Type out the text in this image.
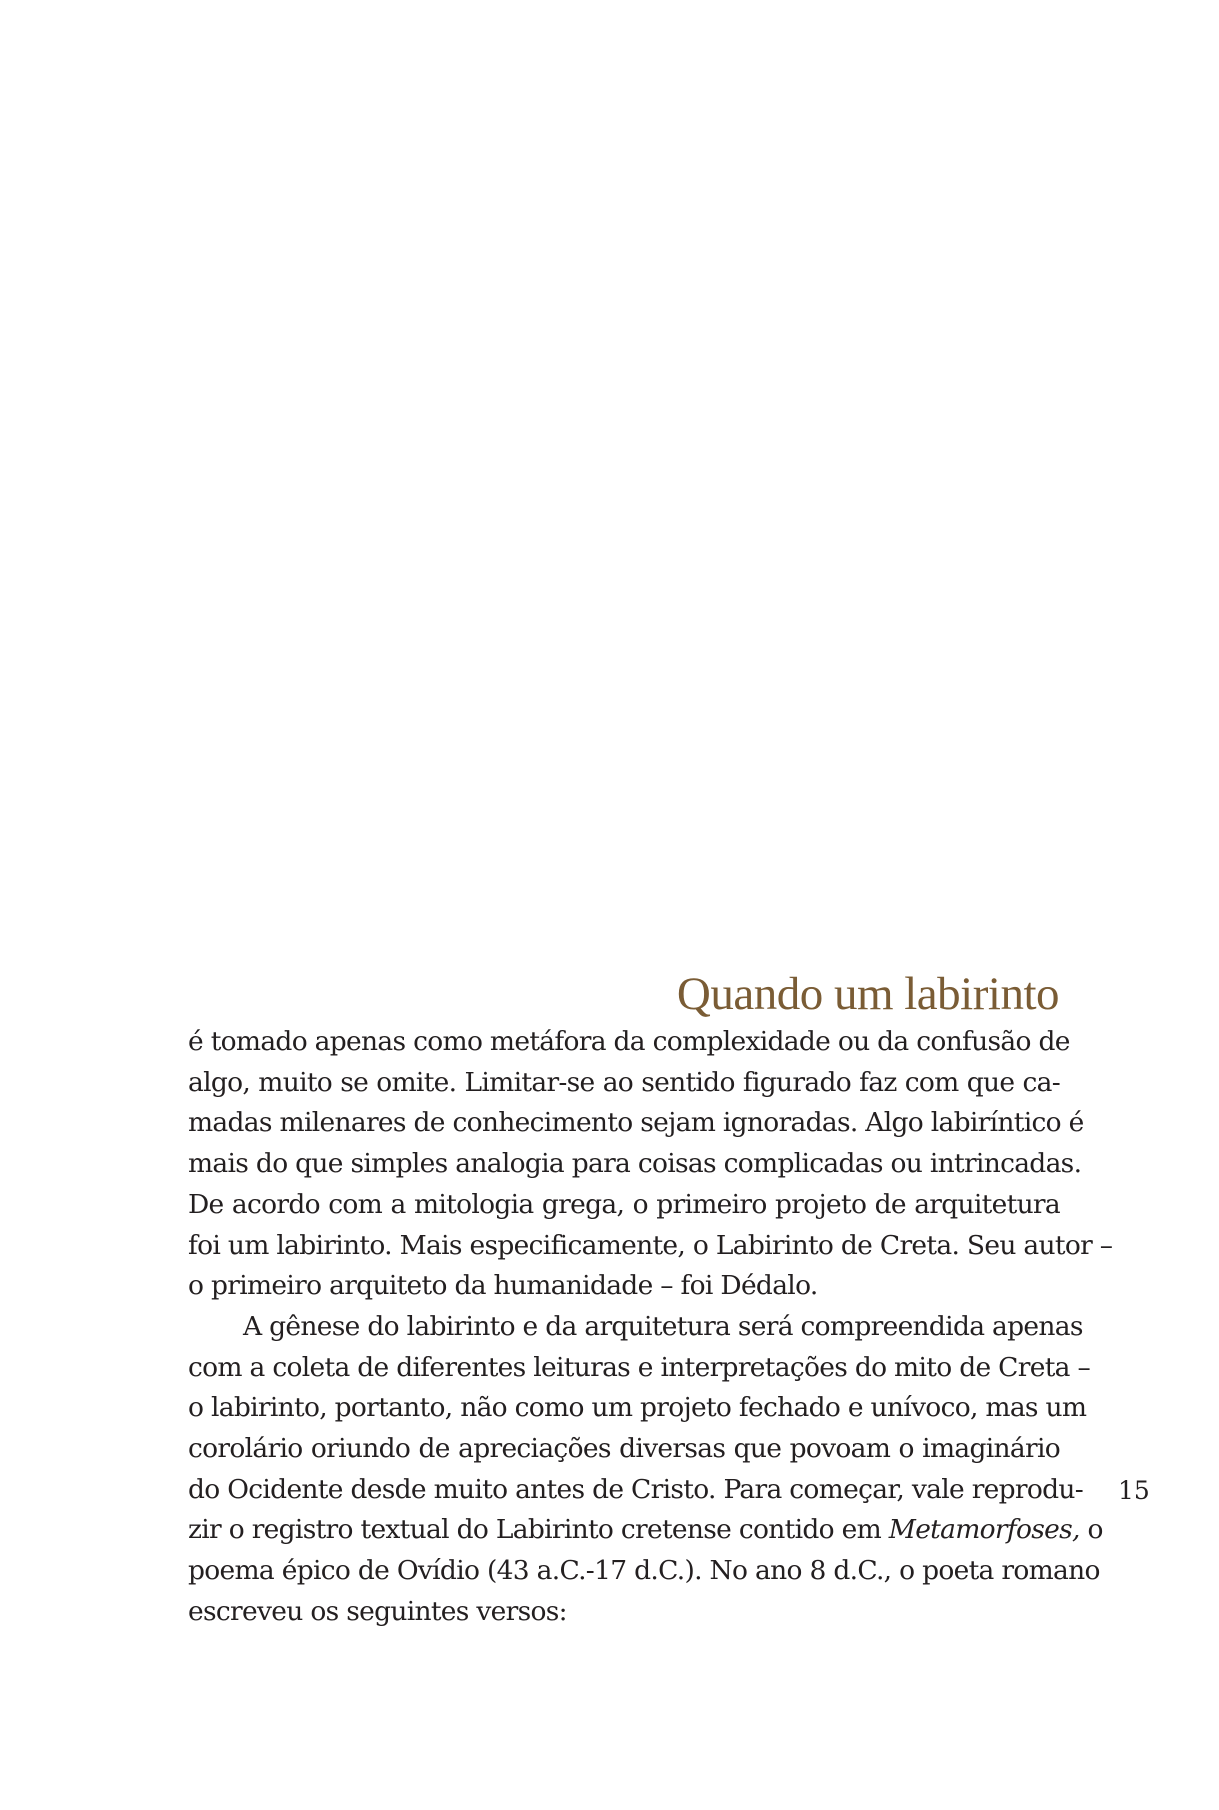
Quando um labirinto

é tomado apenas como metáfora da complexidade ou da confusão de
algo, muito se omite. Limitar-se ao sentido figurado faz com que ca-
madas milenares de conhecimento sejam ignoradas. Algo labiríntico é
mais do que simples analogia para coisas complicadas ou intrincadas.
De acordo com a mitologia grega, o primeiro projeto de arquitetura
foi um labirinto. Mais especificamente, o Labirinto de Creta. Seu autor –
o primeiro arquiteto da humanidade – foi Dédalo.

A gênese do labirinto e da arquitetura será compreendida apenas
com a coleta de diferentes leituras e interpretações do mito de Creta –
o labirinto, portanto, não como um projeto fechado e unívoco, mas um
corolário oriundo de apreciações diversas que povoam o imaginário
do Ocidente desde muito antes de Cristo. Para começar, vale reprodu-
zir o registro textual do Labirinto cretense contido em Metamorfoses, o
poema épico de Ovídio (43 a.C.-17 d.C.). No ano 8 d.C., o poeta romano
escreveu os seguintes versos:

15
